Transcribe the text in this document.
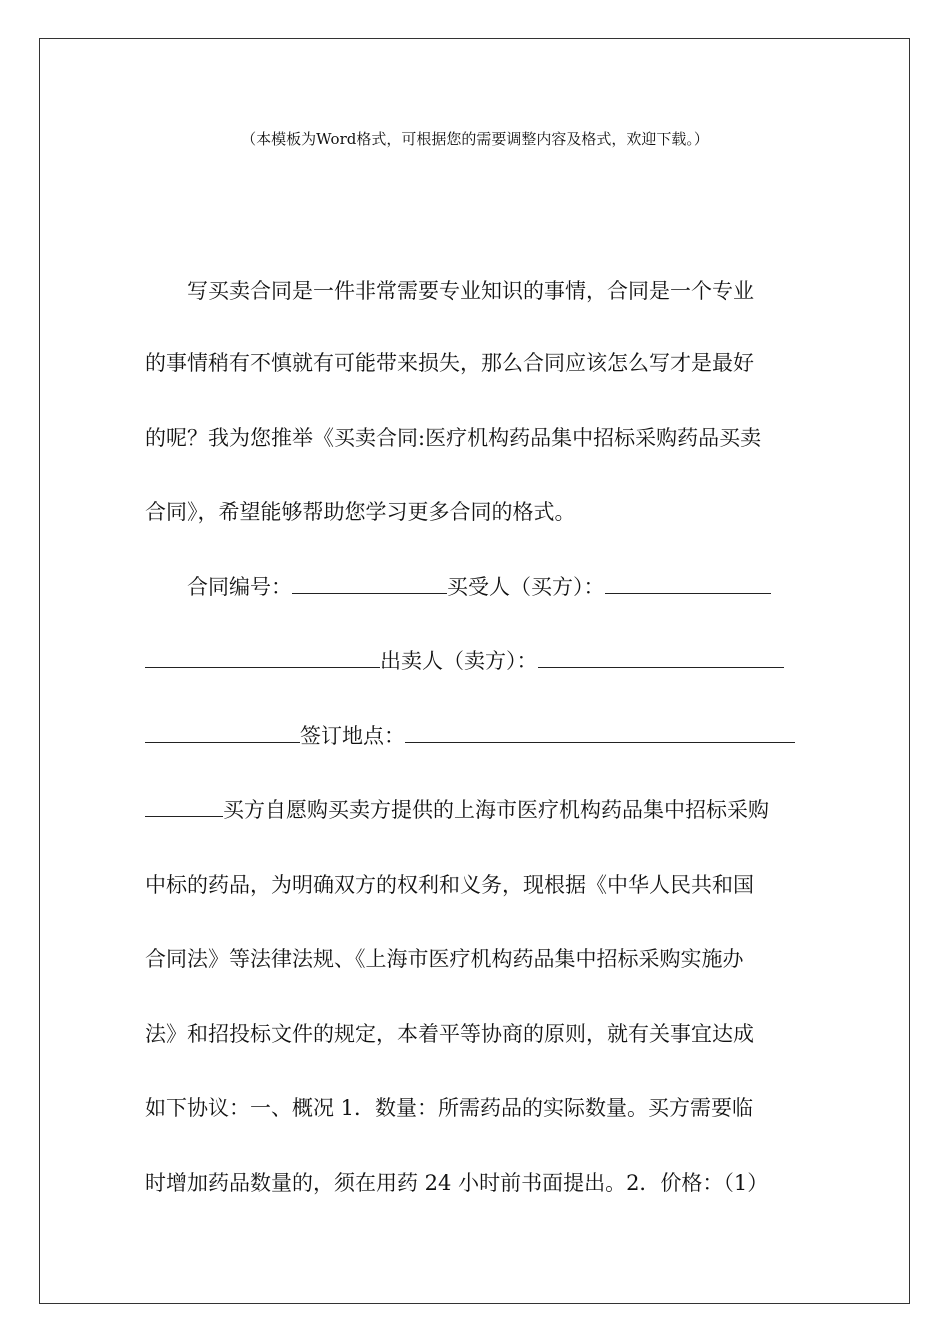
（本模板为Word格式，可根据您的需要调整内容及格式，欢迎下载。）
写买卖合同是一件非常需要专业知识的事情，合同是一个专业
的事情稍有不慎就有可能带来损失，那么合同应该怎么写才是最好
的呢？我为您推举《买卖合同:医疗机构药品集中招标采购药品买卖
合同》，希望能够帮助您学习更多合同的格式。
合同编号：	买受人（买方）：
出卖人（卖方）：
签订地点：
买方自愿购买卖方提供的上海市医疗机构药品集中招标采购
中标的药品，为明确双方的权利和义务，现根据《中华人民共和国
合同法》等法律法规、《上海市医疗机构药品集中招标采购实施办
法》和招投标文件的规定，本着平等协商的原则，就有关事宜达成
如下协议：一、概况 1．数量：所需药品的实际数量。买方需要临
时增加药品数量的，须在用药 24 小时前书面提出。2．价格：（1）
